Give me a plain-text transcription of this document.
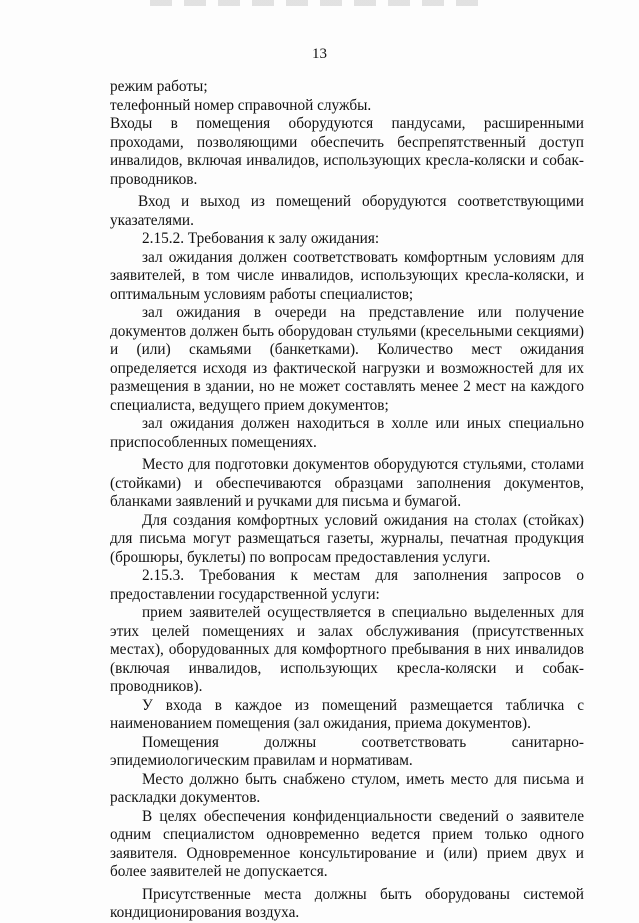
13

режим работы;

телефонный номер справочной службы.

Входы в помещения оборудуются пандусами, расширенными проходами, позволяющими обеспечить беспрепятственный доступ инвалидов, включая инвалидов, использующих кресла-коляски и собак-проводников.

Вход и выход из помещений оборудуются соответствующими указателями.

2.15.2. Требования к залу ожидания:

зал ожидания должен соответствовать комфортным условиям для заявителей, в том числе инвалидов, использующих кресла-коляски, и оптимальным условиям работы специалистов;

зал ожидания в очереди на представление или получение документов должен быть оборудован стульями (кресельными секциями) и (или) скамьями (банкетками). Количество мест ожидания определяется исходя из фактической нагрузки и возможностей для их размещения в здании, но не может составлять менее 2 мест на каждого специалиста, ведущего прием документов;

зал ожидания должен находиться в холле или иных специально приспособленных помещениях.

Место для подготовки документов оборудуются стульями, столами (стойками) и обеспечиваются образцами заполнения документов, бланками заявлений и ручками для письма и бумагой.

Для создания комфортных условий ожидания на столах (стойках) для письма могут размещаться газеты, журналы, печатная продукция (брошюры, буклеты) по вопросам предоставления услуги.

2.15.3. Требования к местам для заполнения запросов о предоставлении государственной услуги:

прием заявителей осуществляется в специально выделенных для этих целей помещениях и залах обслуживания (присутственных местах), оборудованных для комфортного пребывания в них инвалидов (включая инвалидов, использующих кресла-коляски и собак-проводников).

У входа в каждое из помещений размещается табличка с наименованием помещения (зал ожидания, приема документов).

Помещения должны соответствовать санитарно-эпидемиологическим правилам и нормативам.

Место должно быть снабжено стулом, иметь место для письма и раскладки документов.

В целях обеспечения конфиденциальности сведений о заявителе одним специалистом одновременно ведется прием только одного заявителя. Одновременное консультирование и (или) прием двух и более заявителей не допускается.

Присутственные места должны быть оборудованы системой кондиционирования воздуха.
